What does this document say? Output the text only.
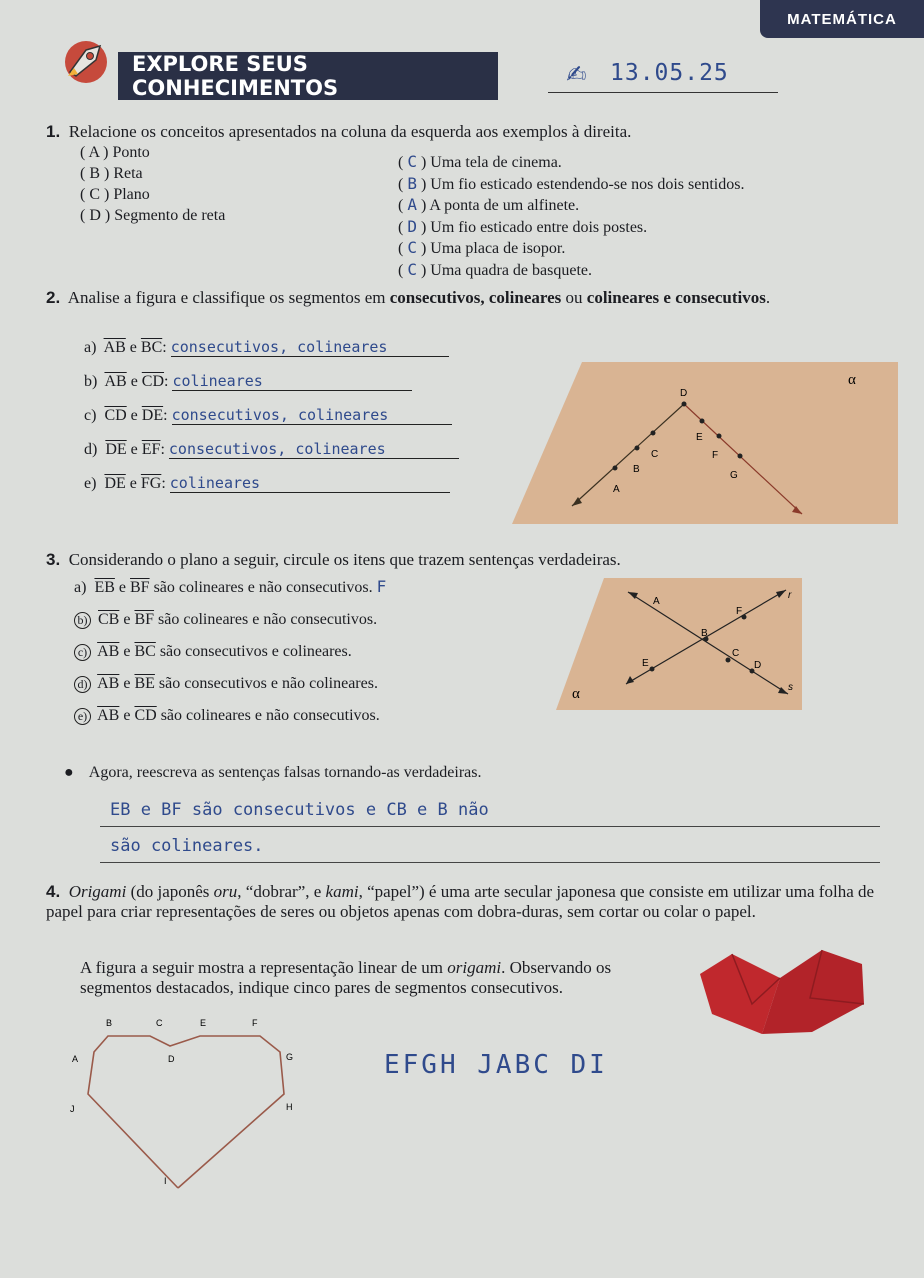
MATEMÁTICA
EXPLORE SEUS CONHECIMENTOS	✍ 13.05.25
1. Relacione os conceitos apresentados na coluna da esquerda aos exemplos à direita.
( A ) Ponto
( B ) Reta
( C ) Plano
( D ) Segmento de reta
( C ) Uma tela de cinema.
( B ) Um fio esticado estendendo-se nos dois sentidos.
( A ) A ponta de um alfinete.
( D ) Um fio esticado entre dois postes.
( C ) Uma placa de isopor.
( C ) Uma quadra de basquete.
2. Analise a figura e classifique os segmentos em consecutivos, colineares ou colineares e consecutivos.
a) $\overline{AB}$ e $\overline{BC}$: consecutivos, colineares
b) $\overline{AB}$ e $\overline{CD}$: colineares
c) $\overline{CD}$ e $\overline{DE}$: consecutivos, colineares
d) $\overline{DE}$ e $\overline{EF}$: consecutivos, colineares
e) $\overline{DE}$ e $\overline{FG}$: colineares
α
A
B
C
D
E
F
G
3. Considerando o plano a seguir, circule os itens que trazem sentenças verdadeiras.
a) $\overline{EB}$ e $\overline{BF}$ são colineares e não consecutivos. F
b) $\overline{CB}$ e $\overline{BF}$ são colineares e não consecutivos.
c) $\overline{AB}$ e $\overline{BC}$ são consecutivos e colineares.
d) $\overline{AB}$ e $\overline{BE}$ são consecutivos e não colineares.
e) $\overline{AB}$ e $\overline{CD}$ são colineares e não consecutivos.
α
A
F
r
B
C
D
E
s
● Agora, reescreva as sentenças falsas tornando-as verdadeiras.
EB e BF são consecutivos e CB e B não
são colineares.
4. Origami (do japonês oru, “dobrar”, e kami, “papel”) é uma arte secular japonesa que consiste em utilizar uma folha de papel para criar representações de seres ou objetos apenas com dobra-duras, sem cortar ou colar o papel.
A figura a seguir mostra a representação linear de um origami. Observando os segmentos destacados, indique cinco pares de segmentos consecutivos.
B	C	E	F
A	D	G
J	H
I
EFGH JABC DI
